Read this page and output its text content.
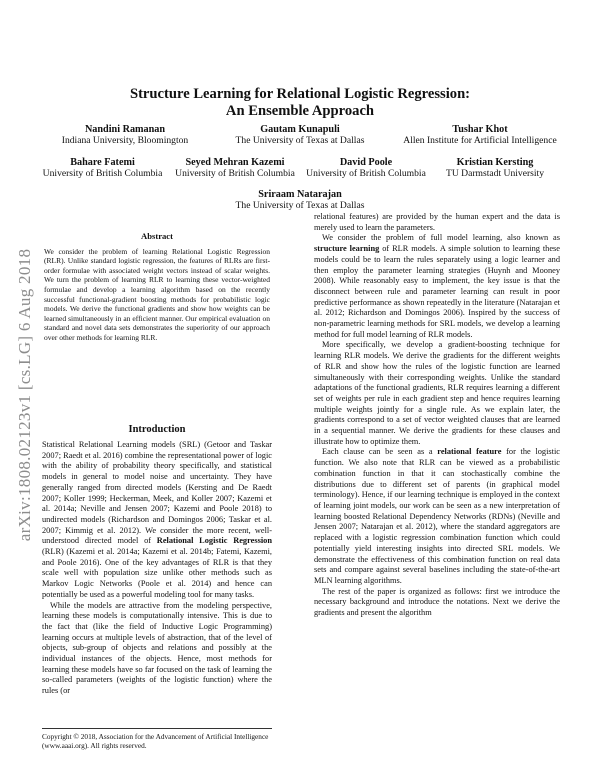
arXiv:1808.02123v1 [cs.LG] 6 Aug 2018
Structure Learning for Relational Logistic Regression:
An Ensemble Approach
Nandini Ramanan
Indiana University, Bloomington
Gautam Kunapuli
The University of Texas at Dallas
Tushar Khot
Allen Institute for Artificial Intelligence
Bahare Fatemi
University of British Columbia
Seyed Mehran Kazemi
University of British Columbia
David Poole
University of British Columbia
Kristian Kersting
TU Darmstadt University
Sriraam Natarajan
The University of Texas at Dallas
Abstract

We consider the problem of learning Relational Logistic Regression (RLR). Unlike standard logistic regression, the features of RLRs are first-order formulae with associated weight vectors instead of scalar weights. We turn the problem of learning RLR to learning these vector-weighted formulae and develop a learning algorithm based on the recently successful functional-gradient boosting methods for probabilistic logic models. We derive the functional gradients and show how weights can be learned simultaneously in an efficient manner. Our empirical evaluation on standard and novel data sets demonstrates the superiority of our approach over other methods for learning RLR.

Introduction

Statistical Relational Learning models (SRL) (Getoor and Taskar 2007; Raedt et al. 2016) combine the representational power of logic with the ability of probability theory specifically, and statistical models in general to model noise and uncertainty. They have generally ranged from directed models (Kersting and De Raedt 2007; Koller 1999; Heckerman, Meek, and Koller 2007; Kazemi et al. 2014a; Neville and Jensen 2007; Kazemi and Poole 2018) to undirected models (Richardson and Domingos 2006; Taskar et al. 2007; Kimmig et al. 2012). We consider the more recent, well-understood directed model of Relational Logistic Regression (RLR) (Kazemi et al. 2014a; Kazemi et al. 2014b; Fatemi, Kazemi, and Poole 2016). One of the key advantages of RLR is that they scale well with population size unlike other methods such as Markov Logic Networks (Poole et al. 2014) and hence can potentially be used as a powerful modeling tool for many tasks.

While the models are attractive from the modeling perspective, learning these models is computationally intensive. This is due to the fact that (like the field of Inductive Logic Programming) learning occurs at multiple levels of abstraction, that of the level of objects, sub-group of objects and relations and possibly at the individual instances of the objects. Hence, most methods for learning these models have so far focused on the task of learning the so-called parameters (weights of the logistic function) where the rules (or

Copyright © 2018, Association for the Advancement of Artificial Intelligence (www.aaai.org). All rights reserved.

relational features) are provided by the human expert and the data is merely used to learn the parameters.

We consider the problem of full model learning, also known as structure learning of RLR models. A simple solution to learning these models could be to learn the rules separately using a logic learner and then employ the parameter learning strategies (Huynh and Mooney 2008). While reasonably easy to implement, the key issue is that the disconnect between rule and parameter learning can result in poor predictive performance as shown repeatedly in the literature (Natarajan et al. 2012; Richardson and Domingos 2006). Inspired by the success of non-parametric learning methods for SRL models, we develop a learning method for full model learning of RLR models.

More specifically, we develop a gradient-boosting technique for learning RLR models. We derive the gradients for the different weights of RLR and show how the rules of the logistic function are learned simultaneously with their corresponding weights. Unlike the standard adaptations of the functional gradients, RLR requires learning a different set of weights per rule in each gradient step and hence requires learning multiple weights jointly for a single rule. As we explain later, the gradients correspond to a set of vector weighted clauses that are learned in a sequential manner. We derive the gradients for these clauses and illustrate how to optimize them.

Each clause can be seen as a relational feature for the logistic function. We also note that RLR can be viewed as a probabilistic combination function in that it can stochastically combine the distributions due to different set of parents (in graphical model terminology). Hence, if our learning technique is employed in the context of learning joint models, our work can be seen as a new interpretation of learning boosted Relational Dependency Networks (RDNs) (Neville and Jensen 2007; Natarajan et al. 2012), where the standard aggregators are replaced with a logistic regression combination function which could potentially yield interesting insights into directed SRL models. We demonstrate the effectiveness of this combination function on real data sets and compare against several baselines including the state-of-the-art MLN learning algorithms.

The rest of the paper is organized as follows: first we introduce the necessary background and introduce the notations. Next we derive the gradients and present the algorithm
